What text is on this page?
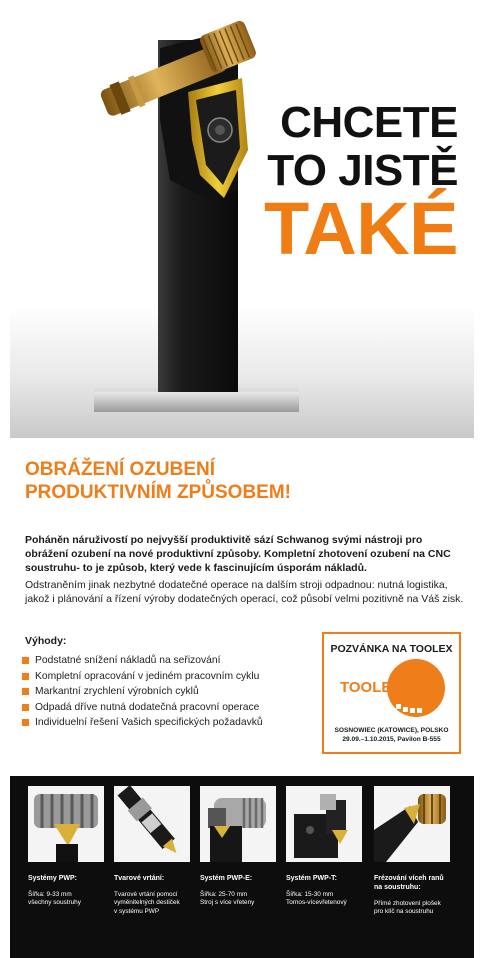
CHCETE
TO JISTĚ
TAKÉ
OBRÁŽENÍ OZUBENÍ
PRODUKTIVNÍM ZPŮSOBEM!
Poháněn náruživostí po nejvyšší produktivitě sází Schwanog svými nástroji pro obrážení ozubení na nové produktivní způsoby. Kompletní zhotovení ozubení na CNC soustruhu- to je způsob, který vede k fascinujícím úsporám nákladů.
Odstraněním jinak nezbytné dodatečné operace na dalším stroji odpadnou: nutná logistika, jakož i plánování a řízení výroby dodatečných operací, což působí velmi pozitivně na Váš zisk.
Výhody:
Podstatné snížení nákladů na seřizování
Kompletní opracování v jediném pracovním cyklu
Markantní zrychlení výrobních cyklů
Odpadá dříve nutná dodatečná pracovní operace
Individuelní řešení Vašich specifických požadavků
POZVÁNKA NA TOOLEX
TOOLEX
SOSNOWIEC (KATOWICE), POLSKO
29.09.–1.10.2015, Pavilon B-555
Systémy PWP:
Šířka: 9-33 mm
všechny soustruhy
Tvarové vrtání:
Tvarové vrtání pomocí
vyměnitelných destiček
v systému PWP
Systém PWP-E:
Šířka: 25-70 mm
Stroj s více vřeteny
Systém PWP-T:
Šířka: 15-30 mm
Tornos-vícevřetenový
Frézování víceh ranů
na soustruhu:
Přímé zhotovení plošek
pro klíč na soustruhu
